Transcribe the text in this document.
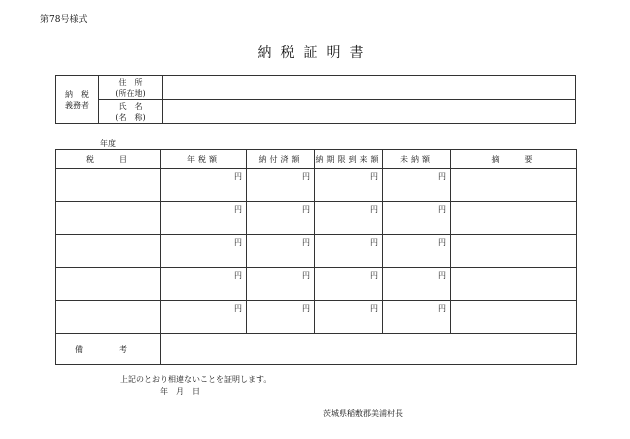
第78号様式
納税証明書
納　税
義務者	住　所
(所在地)	
	氏　名
(名　称)	
年度
税　　目	年税額	納付済額	納期限到来額	未納額	摘　　要
	円	円	円	円	
	円	円	円	円	
	円	円	円	円	
	円	円	円	円	
	円	円	円	円	
備　考					
上記のとおり相違ないことを証明します。
年　月　日
茨城県稲敷郡美浦村長
